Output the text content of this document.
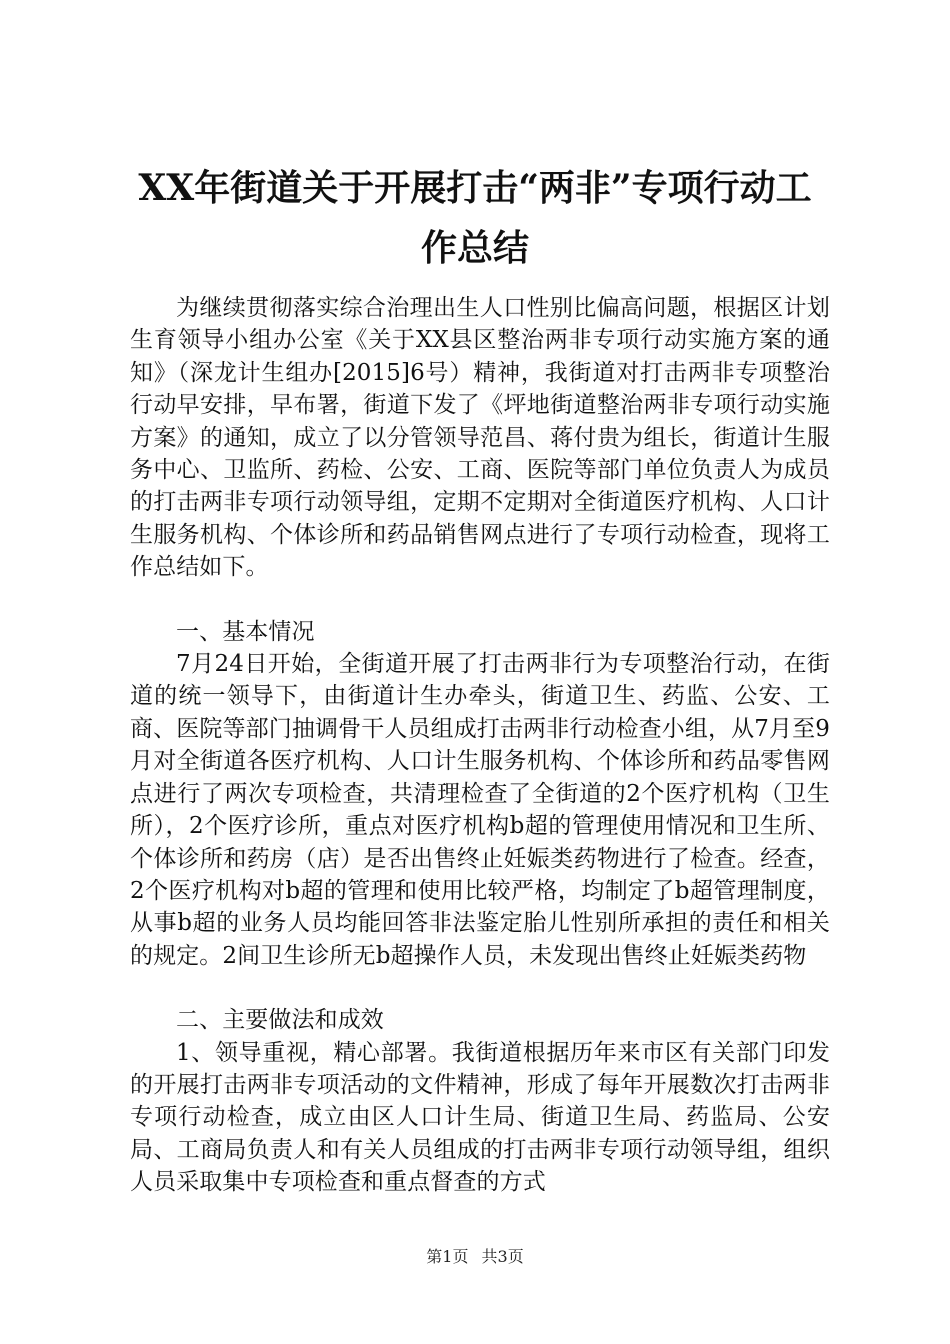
XX年街道关于开展打击“两非”专项行动工
作总结

为继续贯彻落实综合治理出生人口性别比偏高问题，根据区计划生育领导小组办公室《关于XX县区整治两非专项行动实施方案的通知》（深龙计生组办[2015]6号）精神，我街道对打击两非专项整治行动早安排，早布署，街道下发了《坪地街道整治两非专项行动实施方案》的通知，成立了以分管领导范昌、蒋付贵为组长，街道计生服务中心、卫监所、药检、公安、工商、医院等部门单位负责人为成员的打击两非专项行动领导组，定期不定期对全街道医疗机构、人口计生服务机构、个体诊所和药品销售网点进行了专项行动检查，现将工作总结如下。

一、基本情况

7月24日开始，全街道开展了打击两非行为专项整治行动，在街道的统一领导下，由街道计生办牵头，街道卫生、药监、公安、工商、医院等部门抽调骨干人员组成打击两非行动检查小组，从7月至9月对全街道各医疗机构、人口计生服务机构、个体诊所和药品零售网点进行了两次专项检查，共清理检查了全街道的2个医疗机构（卫生所），2个医疗诊所，重点对医疗机构b超的管理使用情况和卫生所、个体诊所和药房（店）是否出售终止妊娠类药物进行了检查。经查，2个医疗机构对b超的管理和使用比较严格，均制定了b超管理制度，从事b超的业务人员均能回答非法鉴定胎儿性别所承担的责任和相关的规定。2间卫生诊所无b超操作人员，未发现出售终止妊娠类药物

二、主要做法和成效

1、领导重视，精心部署。我街道根据历年来市区有关部门印发的开展打击两非专项活动的文件精神，形成了每年开展数次打击两非专项行动检查，成立由区人口计生局、街道卫生局、药监局、公安局、工商局负责人和有关人员组成的打击两非专项行动领导组，组织人员采取集中专项检查和重点督查的方式

第1页 共3页
